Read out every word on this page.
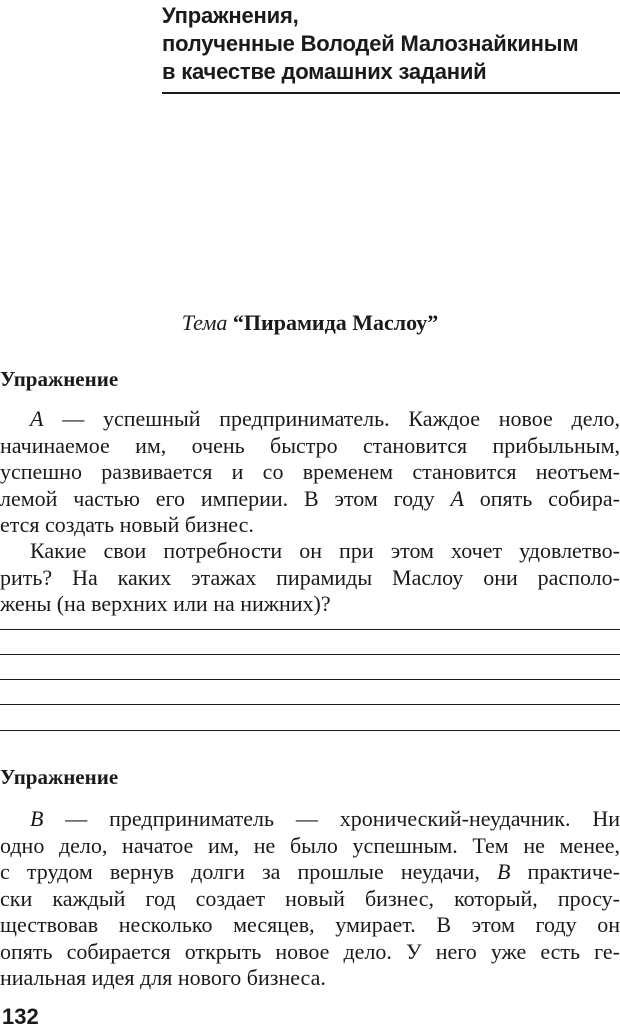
Упражнения,
полученные Володей Малознайкиным
в качестве домашних заданий
Тема “Пирамида Маслоу”
Упражнение
A — успешный предприниматель. Каждое новое дело,
начинаемое им, очень быстро становится прибыльным,
успешно развивается и со временем становится неотъем-
лемой частью его империи. В этом году A опять собира-
ется создать новый бизнес.
Какие свои потребности он при этом хочет удовлетво-
рить? На каких этажах пирамиды Маслоу они располо-
жены (на верхних или на нижних)?
Упражнение
B — предприниматель — хронический-неудачник. Ни
одно дело, начатое им, не было успешным. Тем не менее,
с трудом вернув долги за прошлые неудачи, B практиче-
ски каждый год создает новый бизнес, который, просу-
ществовав несколько месяцев, умирает. В этом году он
опять собирается открыть новое дело. У него уже есть ге-
ниальная идея для нового бизнеса.
132
